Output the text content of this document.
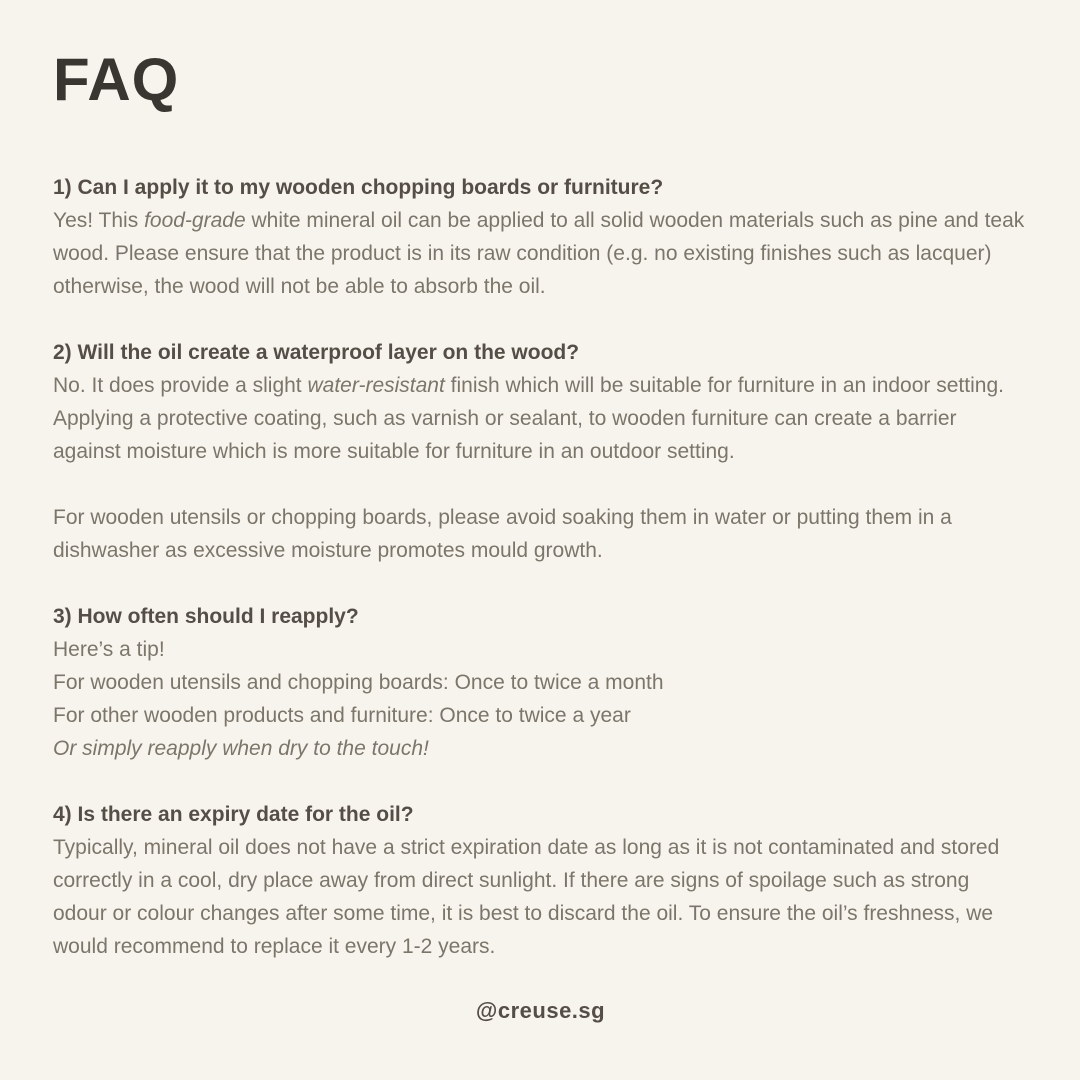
FAQ
1) Can I apply it to my wooden chopping boards or furniture?
Yes! This food-grade white mineral oil can be applied to all solid wooden materials such as pine and teak wood. Please ensure that the product is in its raw condition (e.g. no existing finishes such as lacquer) otherwise, the wood will not be able to absorb the oil.
2) Will the oil create a waterproof layer on the wood?
No. It does provide a slight water-resistant finish which will be suitable for furniture in an indoor setting. Applying a protective coating, such as varnish or sealant, to wooden furniture can create a barrier against moisture which is more suitable for furniture in an outdoor setting.
For wooden utensils or chopping boards, please avoid soaking them in water or putting them in a dishwasher as excessive moisture promotes mould growth.
3) How often should I reapply?
Here’s a tip!
For wooden utensils and chopping boards: Once to twice a month
For other wooden products and furniture: Once to twice a year
Or simply reapply when dry to the touch!
4) Is there an expiry date for the oil?
Typically, mineral oil does not have a strict expiration date as long as it is not contaminated and stored correctly in a cool, dry place away from direct sunlight. If there are signs of spoilage such as strong odour or colour changes after some time, it is best to discard the oil. To ensure the oil’s freshness, we would recommend to replace it every 1-2 years.
@creuse.sg
